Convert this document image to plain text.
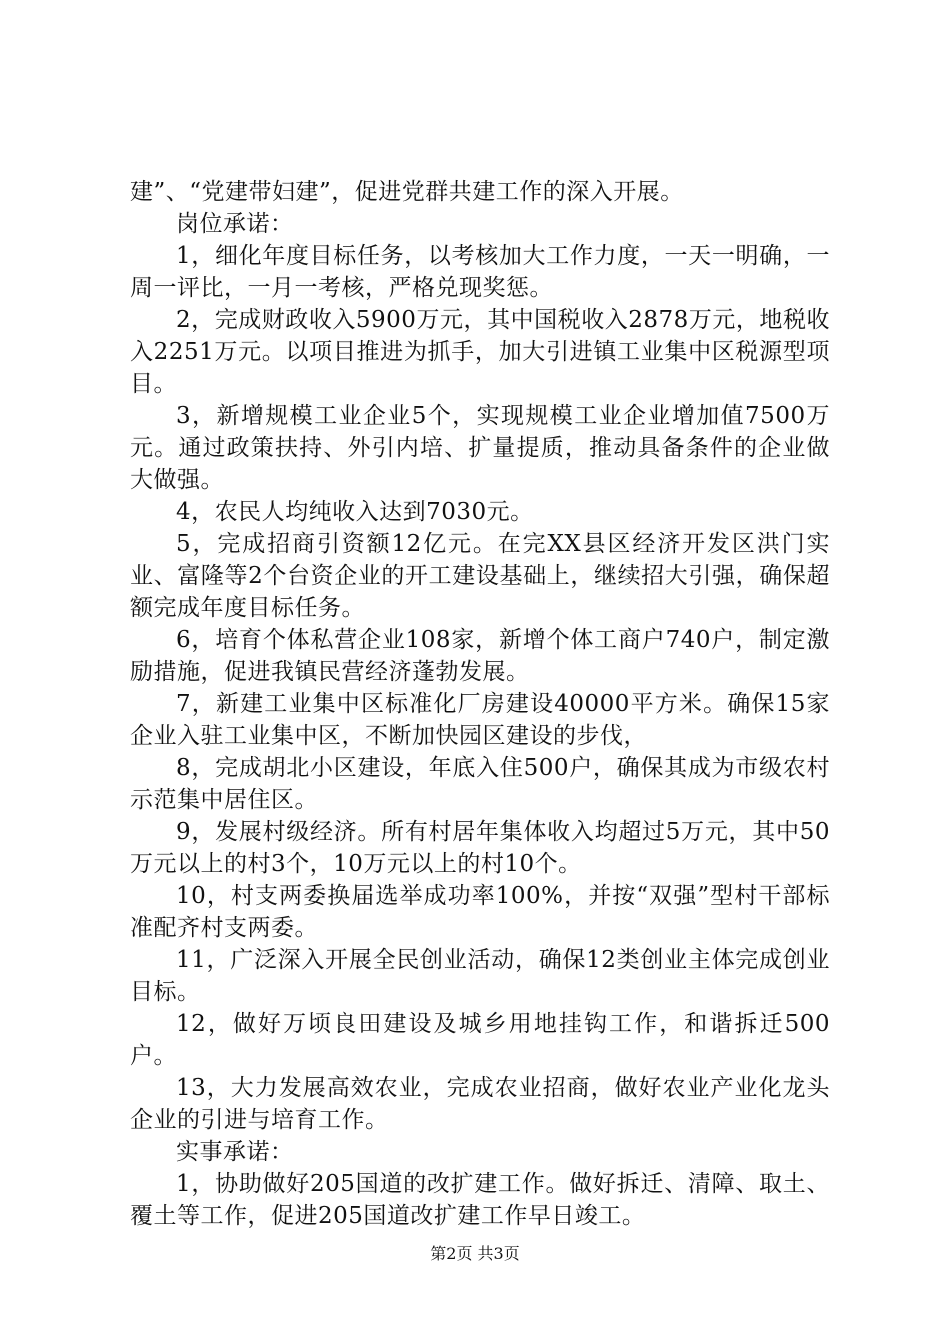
建”、“党建带妇建”，促进党群共建工作的深入开展。

岗位承诺：

1，细化年度目标任务，以考核加大工作力度，一天一明确，一周一评比，一月一考核，严格兑现奖惩。

2，完成财政收入5900万元，其中国税收入2878万元，地税收入2251万元。以项目推进为抓手，加大引进镇工业集中区税源型项目。

3，新增规模工业企业5个，实现规模工业企业增加值7500万元。通过政策扶持、外引内培、扩量提质，推动具备条件的企业做大做强。

4，农民人均纯收入达到7030元。

5，完成招商引资额12亿元。在完XX县区经济开发区洪门实业、富隆等2个台资企业的开工建设基础上，继续招大引强，确保超额完成年度目标任务。

6，培育个体私营企业108家，新增个体工商户740户，制定激励措施，促进我镇民营经济蓬勃发展。

7，新建工业集中区标准化厂房建设40000平方米。确保15家企业入驻工业集中区，不断加快园区建设的步伐，

8，完成胡北小区建设，年底入住500户，确保其成为市级农村示范集中居住区。

9，发展村级经济。所有村居年集体收入均超过5万元，其中50万元以上的村3个，10万元以上的村10个。

10，村支两委换届选举成功率100%，并按“双强”型村干部标准配齐村支两委。

11，广泛深入开展全民创业活动，确保12类创业主体完成创业目标。

12，做好万顷良田建设及城乡用地挂钩工作，和谐拆迁500户。

13，大力发展高效农业，完成农业招商，做好农业产业化龙头企业的引进与培育工作。

实事承诺：

1，协助做好205国道的改扩建工作。做好拆迁、清障、取土、覆土等工作，促进205国道改扩建工作早日竣工。

第2页 共3页
